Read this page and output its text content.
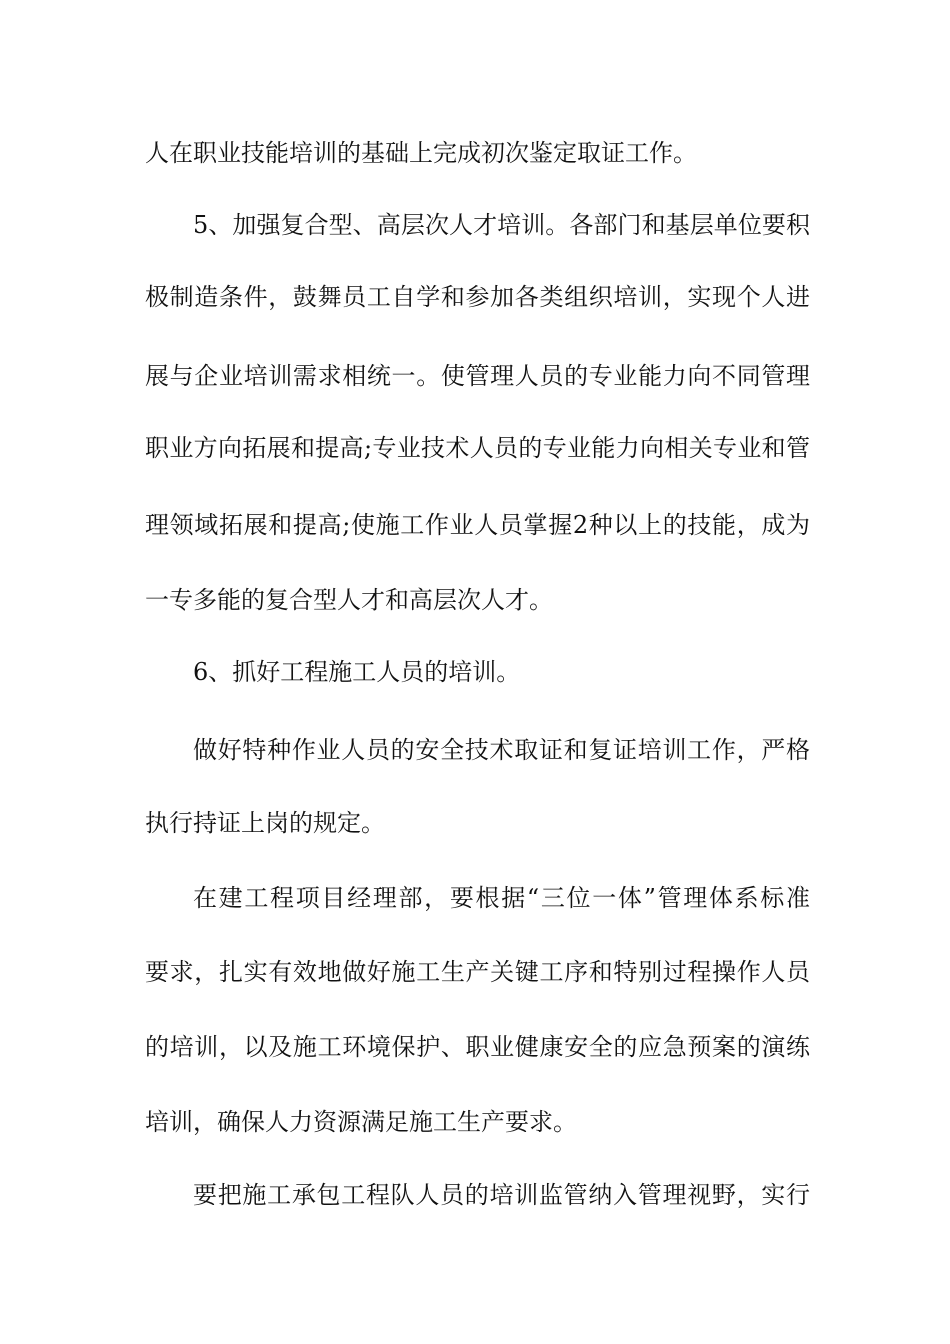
人在职业技能培训的基础上完成初次鉴定取证工作。
5、加强复合型、高层次人才培训。各部门和基层单位要积
极制造条件，鼓舞员工自学和参加各类组织培训，实现个人进
展与企业培训需求相统一。使管理人员的专业能力向不同管理
职业方向拓展和提高;专业技术人员的专业能力向相关专业和管
理领域拓展和提高;使施工作业人员掌握2种以上的技能，成为
一专多能的复合型人才和高层次人才。
6、抓好工程施工人员的培训。
做好特种作业人员的安全技术取证和复证培训工作，严格
执行持证上岗的规定。
在建工程项目经理部，要根据“三位一体”管理体系标准
要求，扎实有效地做好施工生产关键工序和特别过程操作人员
的培训，以及施工环境保护、职业健康安全的应急预案的演练
培训，确保人力资源满足施工生产要求。
要把施工承包工程队人员的培训监管纳入管理视野，实行
